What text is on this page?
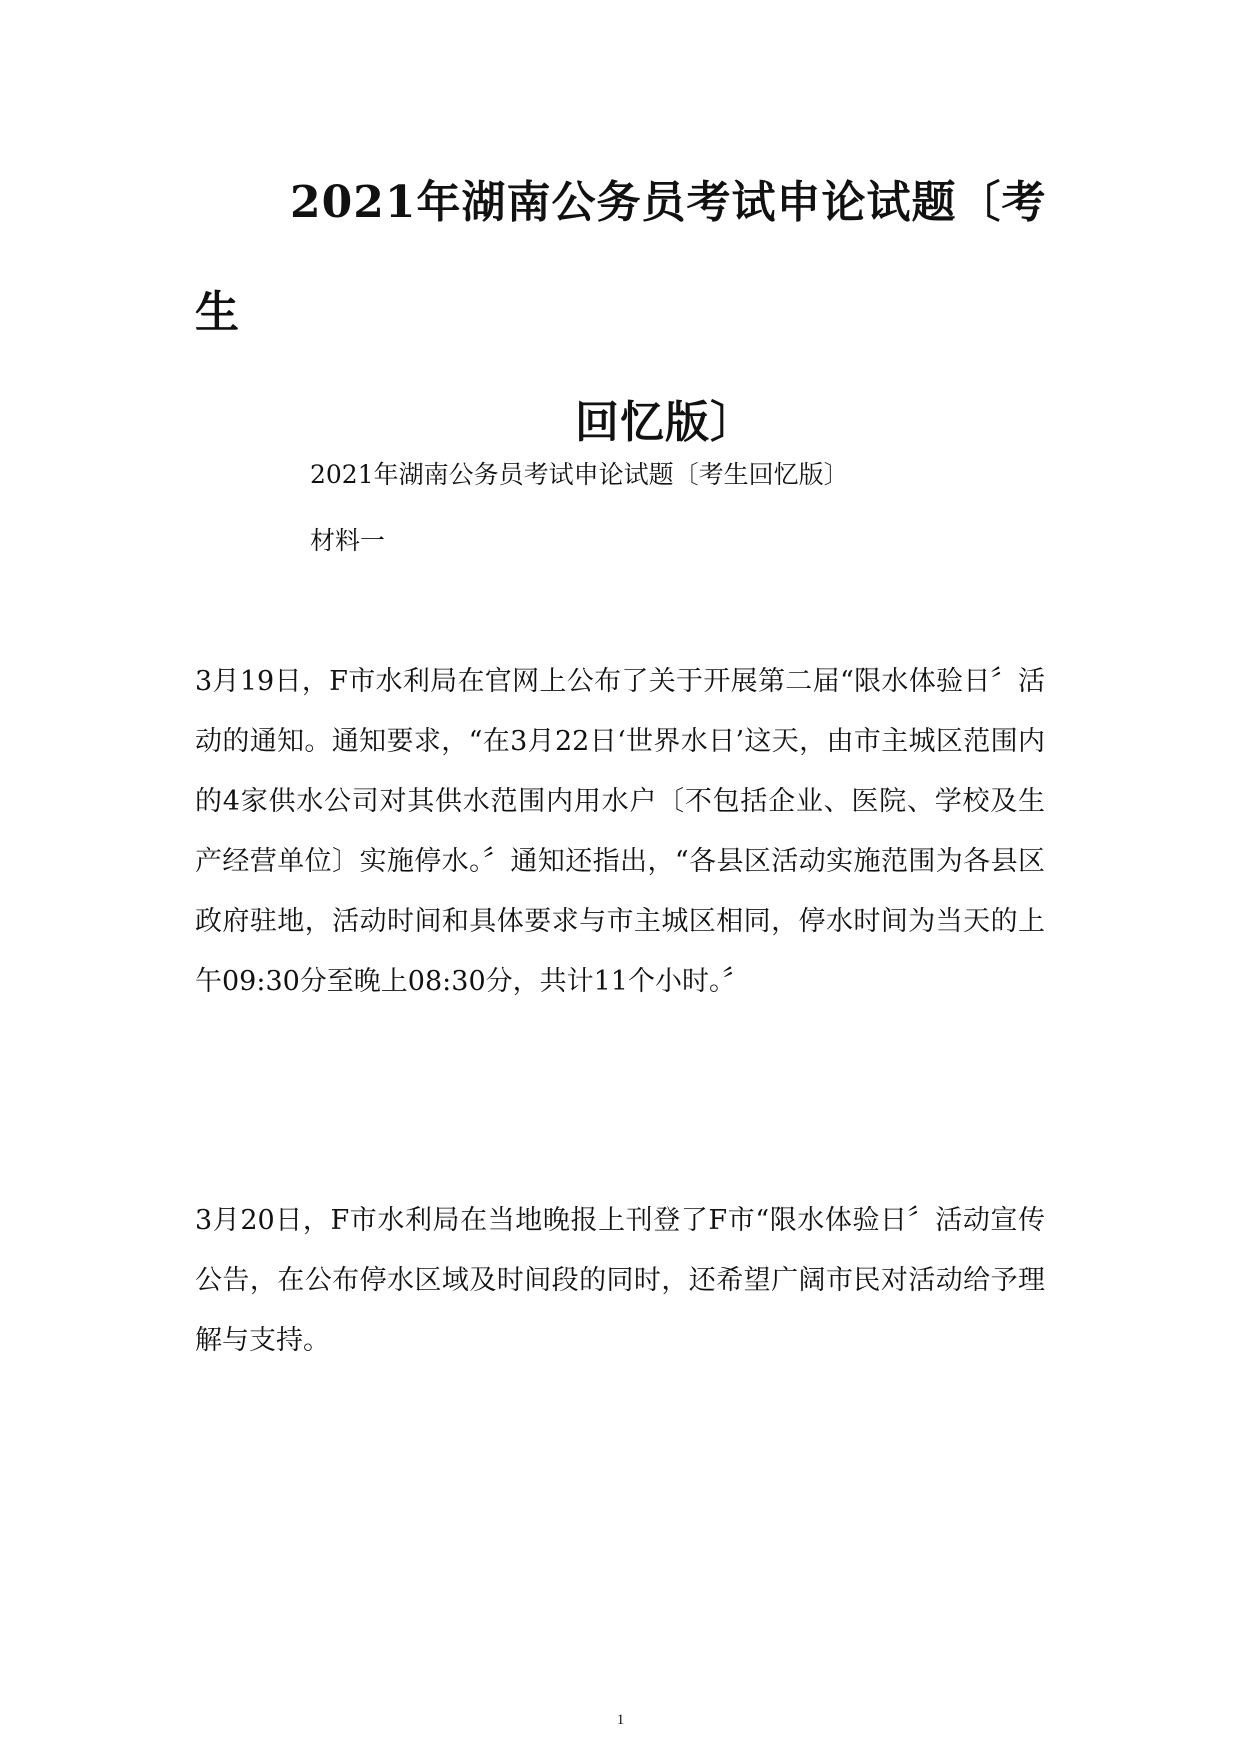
2021年湖南公务员考试申论试题〔考生
回忆版〕

2021年湖南公务员考试申论试题〔考生回忆版〕

材料一

3月19日，F市水利局在官网上公布了关于开展第二届“限水体验日〞活动的通知。通知要求，“在3月22日‘世界水日’这天，由市主城区范围内的4家供水公司对其供水范围内用水户〔不包括企业、医院、学校及生产经营单位〕实施停水。〞通知还指出，“各县区活动实施范围为各县区政府驻地，活动时间和具体要求与市主城区相同，停水时间为当天的上午09:30分至晚上08:30分，共计11个小时。〞

3月20日，F市水利局在当地晚报上刊登了F市“限水体验日〞活动宣传公告，在公布停水区域及时间段的同时，还希望广阔市民对活动给予理解与支持。

1
